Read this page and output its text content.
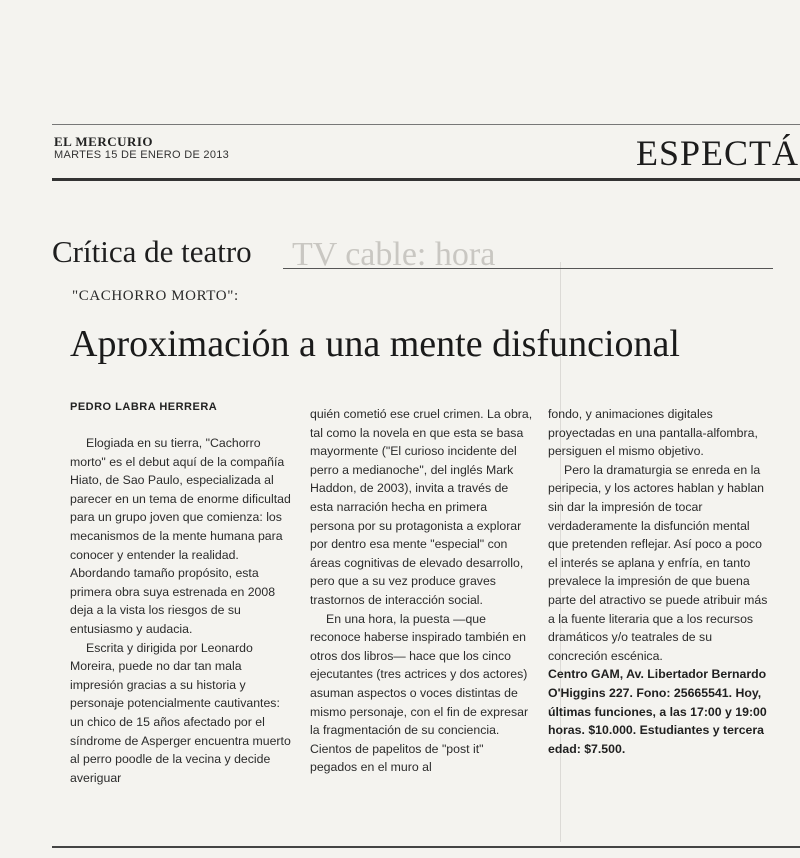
EL MERCURIO
MARTES 15 DE ENERO DE 2013	ESPECTÁ
TV cable: hora
Crítica de teatro
"CACHORRO MORTO":
Aproximación a una mente disfuncional
PEDRO LABRA HERRERA

Elogiada en su tierra, "Cachorro morto" es el debut aquí de la compañía Hiato, de Sao Paulo, especializada al parecer en un tema de enorme dificultad para un grupo joven que comienza: los mecanismos de la mente humana para conocer y entender la realidad. Abordando tamaño propósito, esta primera obra suya estrenada en 2008 deja a la vista los riesgos de su entusiasmo y audacia.

Escrita y dirigida por Leonardo Moreira, puede no dar tan mala impresión gracias a su historia y personaje potencialmente cautivantes: un chico de 15 años afectado por el síndrome de Asperger encuentra muerto al perro poodle de la vecina y decide averiguar

quién cometió ese cruel crimen. La obra, tal como la novela en que esta se basa mayormente ("El curioso incidente del perro a medianoche", del inglés Mark Haddon, de 2003), invita a través de esta narración hecha en primera persona por su protagonista a explorar por dentro esa mente "especial" con áreas cognitivas de elevado desarrollo, pero que a su vez produce graves trastornos de interacción social.

En una hora, la puesta —que reconoce haberse inspirado también en otros dos libros— hace que los cinco ejecutantes (tres actrices y dos actores) asuman aspectos o voces distintas de mismo personaje, con el fin de expresar la fragmentación de su conciencia. Cientos de papelitos de "post it" pegados en el muro al

fondo, y animaciones digitales proyectadas en una pantalla-alfombra, persiguen el mismo objetivo.

Pero la dramaturgia se enreda en la peripecia, y los actores hablan y hablan sin dar la impresión de tocar verdaderamente la disfunción mental que pretenden reflejar. Así poco a poco el interés se aplana y enfría, en tanto prevalece la impresión de que buena parte del atractivo se puede atribuir más a la fuente literaria que a los recursos dramáticos y/o teatrales de su concreción escénica.

Centro GAM, Av. Libertador Bernardo O'Higgins 227. Fono: 25665541. Hoy, últimas funciones, a las 17:00 y 19:00 horas. $10.000. Estudiantes y tercera edad: $7.500.
